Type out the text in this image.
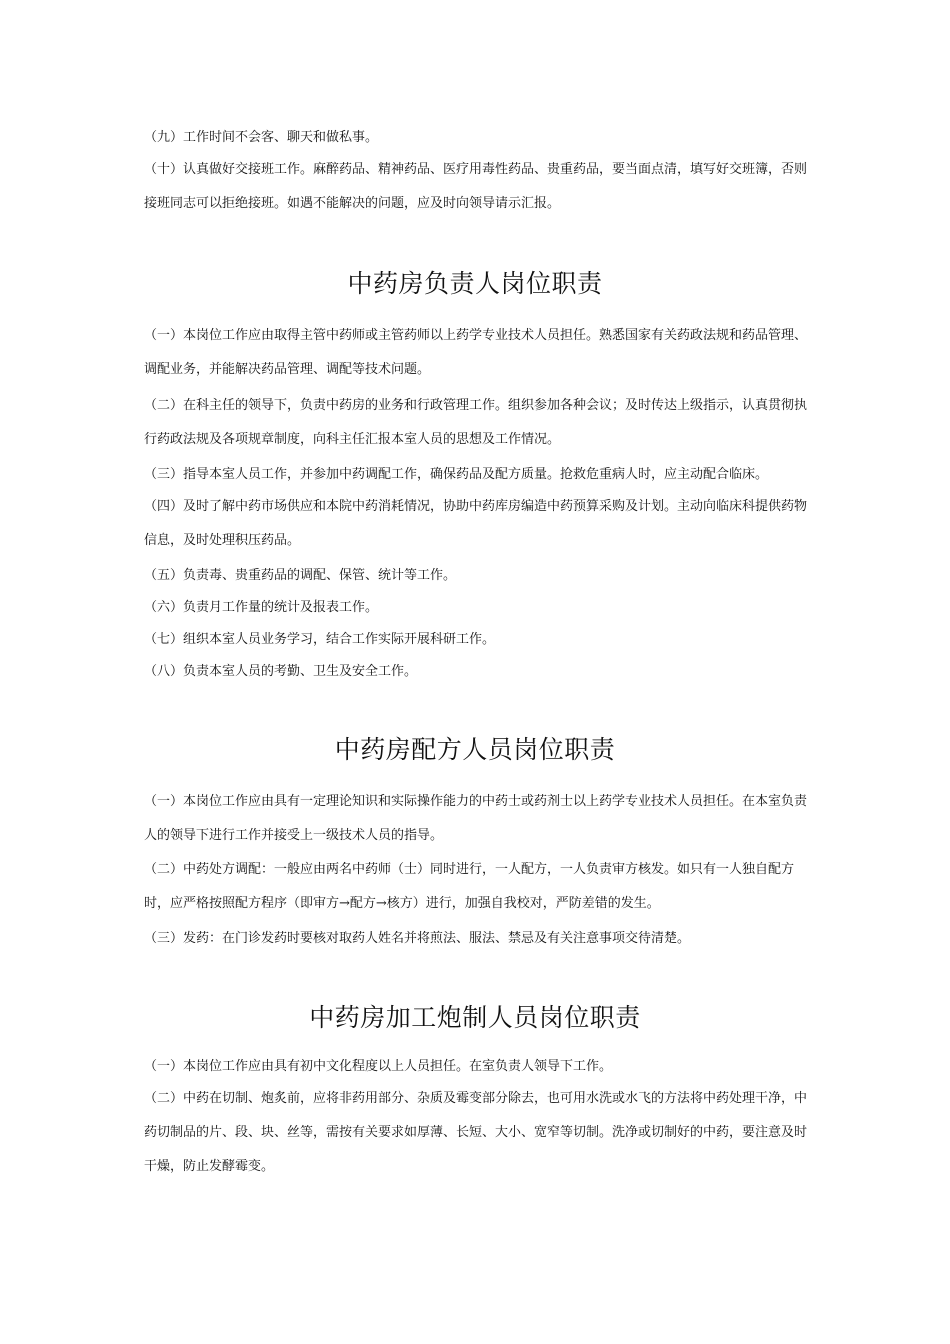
（九）工作时间不会客、聊天和做私事。

（十）认真做好交接班工作。麻醉药品、精神药品、医疗用毒性药品、贵重药品，要当面点清，填写好交班簿，否则接班同志可以拒绝接班。如遇不能解决的问题，应及时向领导请示汇报。

中药房负责人岗位职责

（一）本岗位工作应由取得主管中药师或主管药师以上药学专业技术人员担任。熟悉国家有关药政法规和药品管理、调配业务，并能解决药品管理、调配等技术问题。

（二）在科主任的领导下，负责中药房的业务和行政管理工作。组织参加各种会议；及时传达上级指示，认真贯彻执行药政法规及各项规章制度，向科主任汇报本室人员的思想及工作情况。

（三）指导本室人员工作，并参加中药调配工作，确保药品及配方质量。抢救危重病人时，应主动配合临床。

（四）及时了解中药市场供应和本院中药消耗情况，协助中药库房编造中药预算采购及计划。主动向临床科提供药物信息，及时处理积压药品。

（五）负责毒、贵重药品的调配、保管、统计等工作。

（六）负责月工作量的统计及报表工作。

（七）组织本室人员业务学习，结合工作实际开展科研工作。

（八）负责本室人员的考勤、卫生及安全工作。

中药房配方人员岗位职责

（一）本岗位工作应由具有一定理论知识和实际操作能力的中药士或药剂士以上药学专业技术人员担任。在本室负责人的领导下进行工作并接受上一级技术人员的指导。

（二）中药处方调配：一般应由两名中药师（士）同时进行，一人配方，一人负责审方核发。如只有一人独自配方时，应严格按照配方程序（即审方→配方→核方）进行，加强自我校对，严防差错的发生。

（三）发药：在门诊发药时要核对取药人姓名并将煎法、服法、禁忌及有关注意事项交待清楚。

中药房加工炮制人员岗位职责

（一）本岗位工作应由具有初中文化程度以上人员担任。在室负责人领导下工作。

（二）中药在切制、炮炙前，应将非药用部分、杂质及霉变部分除去，也可用水洗或水飞的方法将中药处理干净，中药切制品的片、段、块、丝等，需按有关要求如厚薄、长短、大小、宽窄等切制。洗净或切制好的中药，要注意及时干燥，防止发酵霉变。
